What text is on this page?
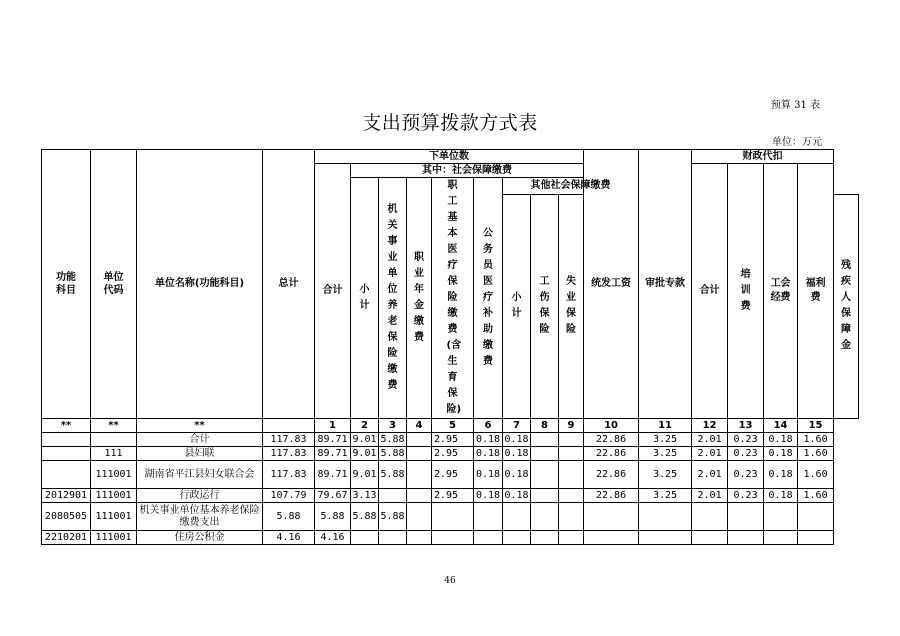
预算 31 表
支出预算拨款方式表
单位：万元
功能科目	单位代码	单位名称(功能科目)	总计	下单位数									统发工资	审批专款	财政代扣				
				合计	其中：社会保障缴费										合计	培训费	工会经费	福利费	
					小计	机关事业单位养老保险缴费	职业年金缴费	职工基本医疗保险缴费(含生育保险)	公务员医疗补助缴费	其他社会保障缴费									
										小计	工伤保险	失业保险							残疾人保障金
**	**	**		1	2	3	4	5	6	7	8	9	10	11	12	13	14	15	
		合计	117.83	89.71	9.01	5.88		2.95	0.18	0.18			22.86	3.25	2.01	0.23	0.18	1.60	
	111	县妇联	117.83	89.71	9.01	5.88		2.95	0.18	0.18			22.86	3.25	2.01	0.23	0.18	1.60	
	111001	湖南省平江县妇女联合会	117.83	89.71	9.01	5.88		2.95	0.18	0.18			22.86	3.25	2.01	0.23	0.18	1.60	
2012901	111001	行政运行	107.79	79.67	3.13			2.95	0.18	0.18			22.86	3.25	2.01	0.23	0.18	1.60	
2080505	111001	机关事业单位基本养老保险缴费支出	5.88	5.88	5.88	5.88													
2210201	111001	住房公积金	4.16	4.16															
46
